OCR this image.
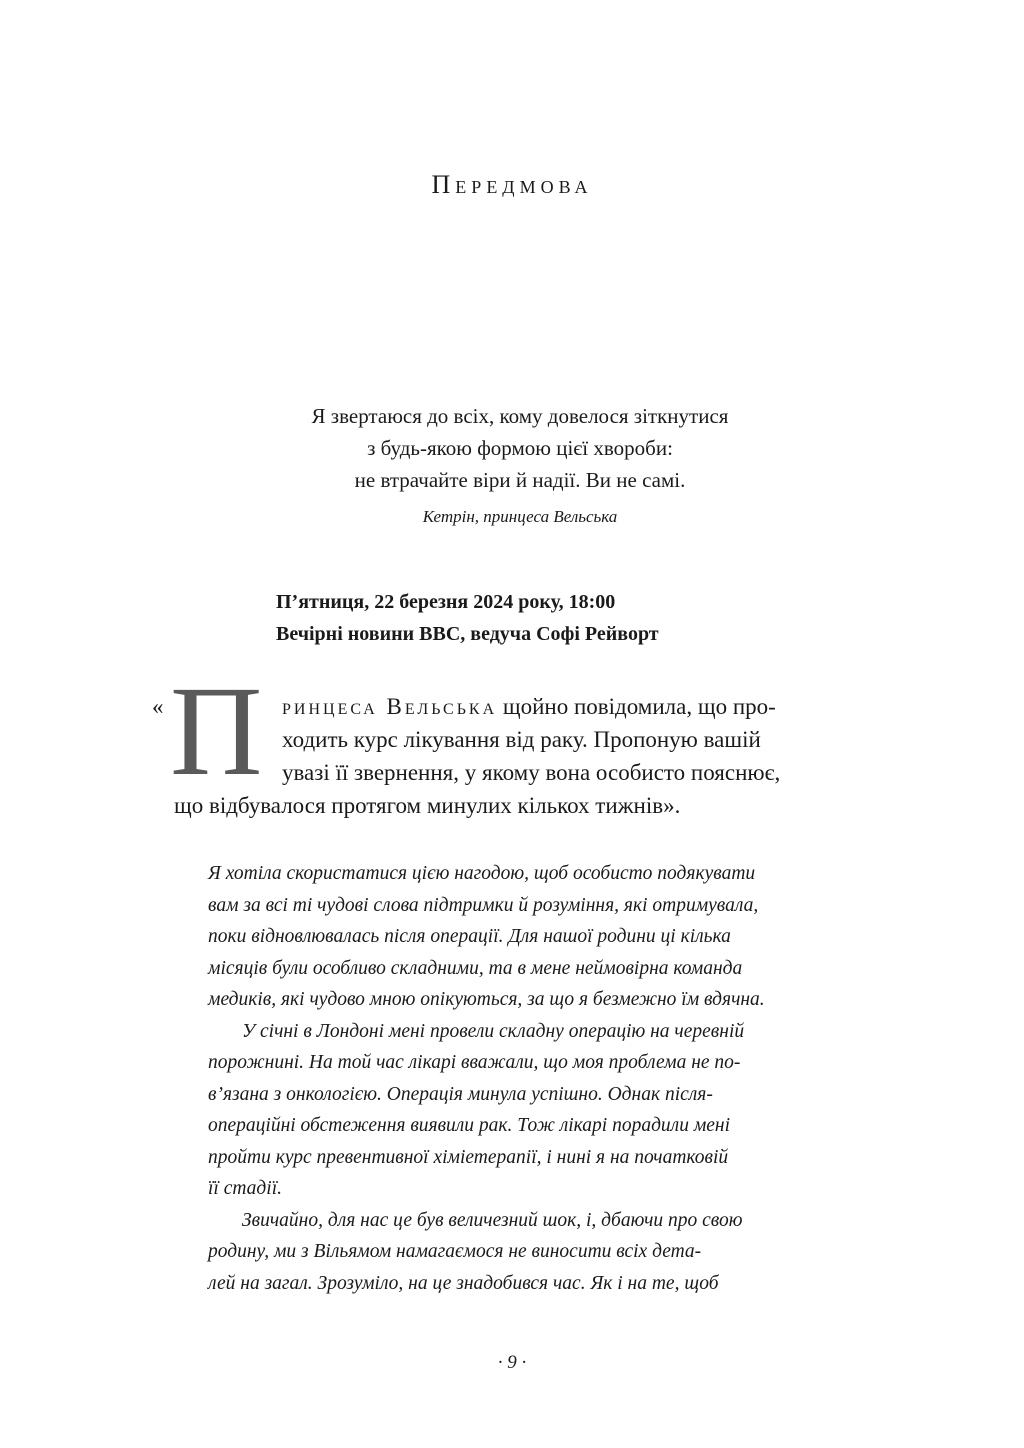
Передмова
Я звертаюся до всіх, кому довелося зіткнутися
з будь-якою формою цієї хвороби:
не втрачайте віри й надії. Ви не самі.
Кетрін, принцеса Вельська
П’ятниця, 22 березня 2024 року, 18:00
Вечірні новини BBC, ведуча Софі Рейворт
« П ринцеса Вельська щойно повідомила, що про-
ходить курс лікування від раку. Пропоную вашій
увазі її звернення, у якому вона особисто пояснює,
що відбувалося протягом минулих кількох тижнів».
Я хотіла скористатися цією нагодою, щоб особисто подякувати
вам за всі ті чудові слова підтримки й розуміння, які отримувала,
поки відновлювалась після операції. Для нашої родини ці кілька
місяців були особливо складними, та в мене неймовірна команда
медиків, які чудово мною опікуються, за що я безмежно їм вдячна.
У січні в Лондоні мені провели складну операцію на черевній
порожнині. На той час лікарі вважали, що моя проблема не по-
в’язана з онкологією. Операція минула успішно. Однак після-
операційні обстеження виявили рак. Тож лікарі порадили мені
пройти курс превентивної хіміетерапії, і нині я на початковій
її стадії.
Звичайно, для нас це був величезний шок, і, дбаючи про свою
родину, ми з Вільямом намагаємося не виносити всіх дета-
лей на загал. Зрозуміло, на це знадобився час. Як і на те, щоб
· 9 ·
